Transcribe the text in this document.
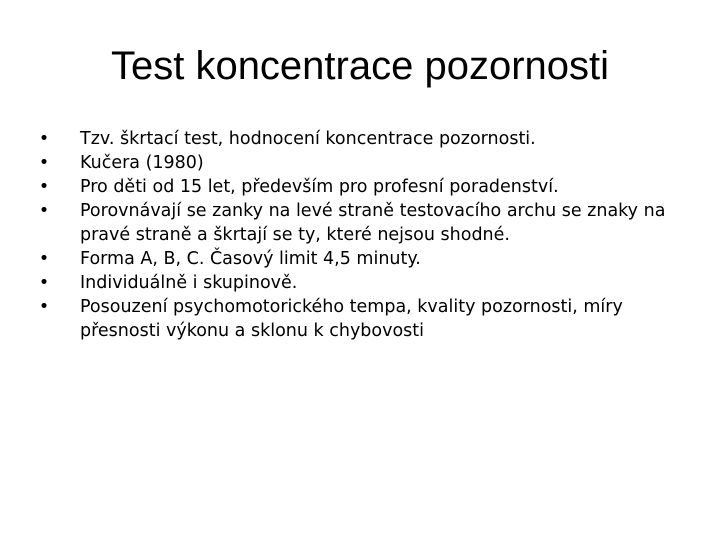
Test koncentrace pozornosti
• Tzv. škrtací test, hodnocení koncentrace pozornosti.
• Kučera (1980)
• Pro děti od 15 let, především pro profesní poradenství.
• Porovnávají se zanky na levé straně testovacího archu se znaky na pravé straně a škrtají se ty, které nejsou shodné.
• Forma A, B, C. Časový limit 4,5 minuty.
• Individuálně i skupinově.
• Posouzení psychomotorického tempa, kvality pozornosti, míry přesnosti výkonu a sklonu k chybovosti
